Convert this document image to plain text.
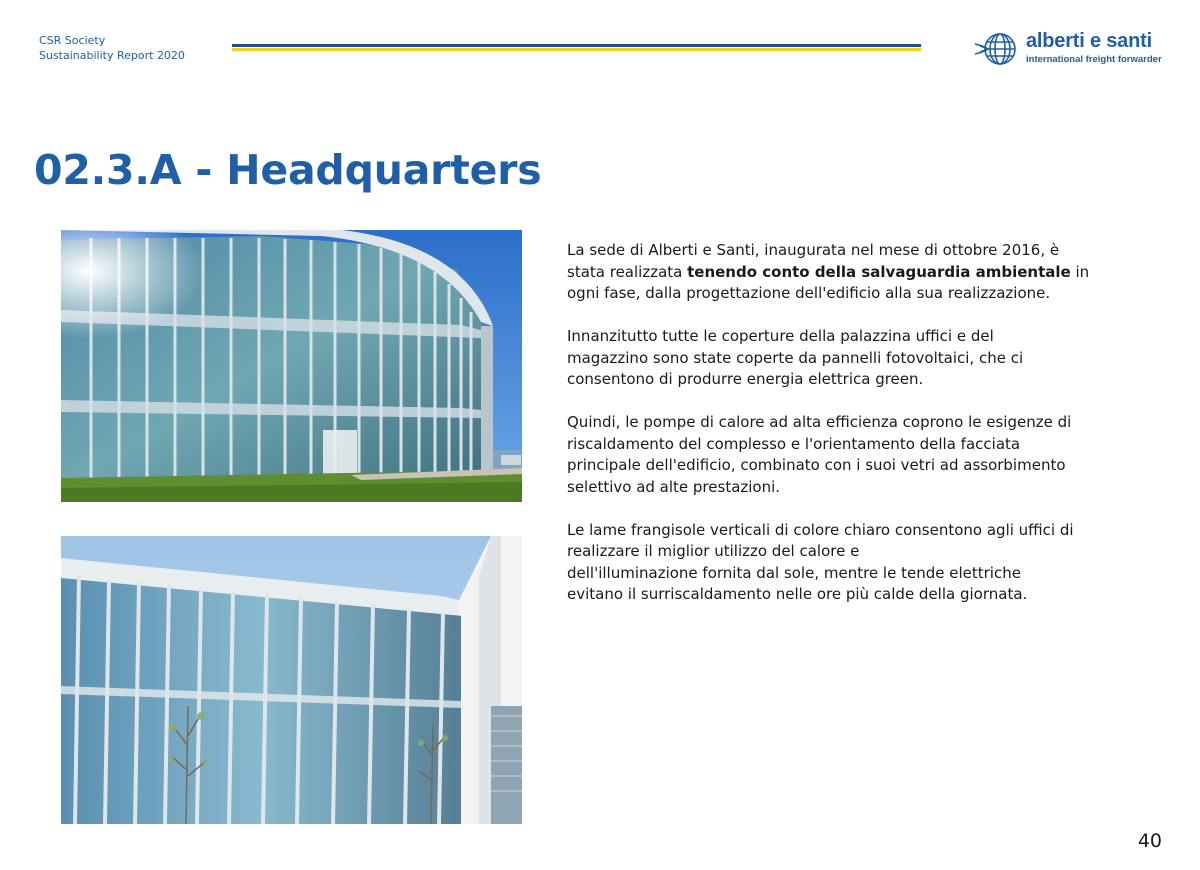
CSR Society
Sustainability Report 2020
alberti e santi
international freight forwarder
02.3.A - Headquarters

La sede di Alberti e Santi, inaugurata nel mese di ottobre 2016, è
stata realizzata tenendo conto della salvaguardia ambientale in
ogni fase, dalla progettazione dell'edificio alla sua realizzazione.

Innanzitutto tutte le coperture della palazzina uffici e del
magazzino sono state coperte da pannelli fotovoltaici, che ci
consentono di produrre energia elettrica green.

Quindi, le pompe di calore ad alta efficienza coprono le esigenze di
riscaldamento del complesso e l'orientamento della facciata
principale dell'edificio, combinato con i suoi vetri ad assorbimento
selettivo ad alte prestazioni.

Le lame frangisole verticali di colore chiaro consentono agli uffici di
realizzare il miglior utilizzo del calore e
dell'illuminazione fornita dal sole, mentre le tende elettriche
evitano il surriscaldamento nelle ore più calde della giornata.

40
